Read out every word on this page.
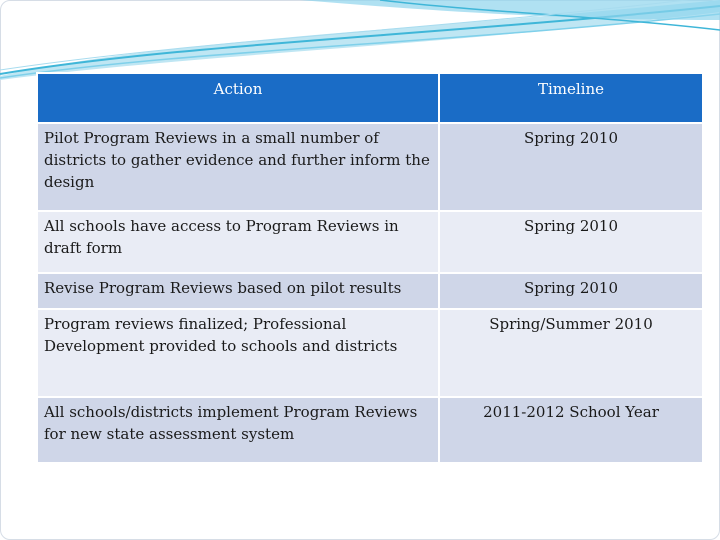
Action	Timeline

Pilot Program Reviews in a small number of districts to gather evidence and further inform the design	Spring 2010

All schools have access to Program Reviews in draft form	Spring 2010

Revise Program Reviews based on pilot results	Spring 2010

Program reviews finalized; Professional Development provided to schools and districts	Spring/Summer 2010

All schools/districts implement Program Reviews for new state assessment system	2011-2012 School Year
